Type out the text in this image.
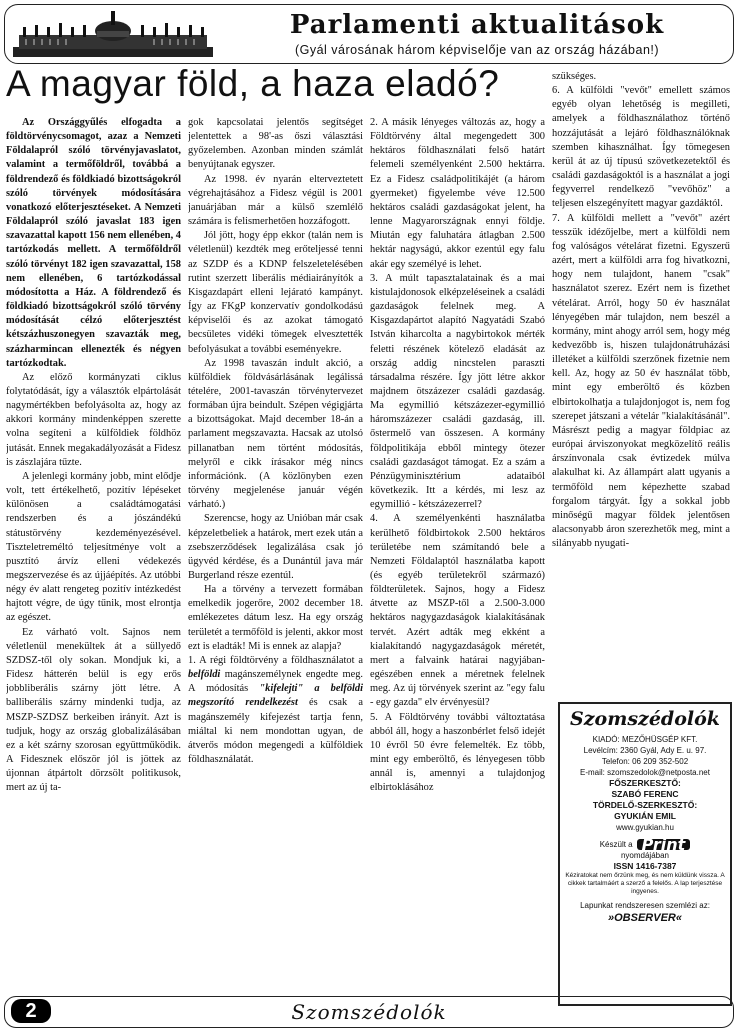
Parlamenti aktualitások
(Gyál városának három képviselője van az ország házában!)
A magyar föld, a haza eladó?

Az Országgyűlés elfogadta a földtörvénycsomagot, azaz a Nemzeti Földalapról szóló törvényjavaslatot, valamint a termőföldről, továbbá a földrendező és földkiadó bizottságokról szóló törvények módosítására vonatkozó előterjesztéseket. A Nemzeti Földalapról szóló javaslat 183 igen szavazattal kapott 156 nem ellenében, 4 tartózkodás mellett. A termőföldről szóló törvényt 182 igen szavazattal, 158 nem ellenében, 6 tartózkodással módosította a Ház. A földrendező és földkiadó bizottságokról szóló törvény módosítását célzó előterjesztést kétszázhuszonegyen szavazták meg, százharmincan ellenezték és négyen tartózkodtak.

Az előző kormányzati ciklus folytatódását, így a választók elpártolását nagymértékben befolyásolta az, hogy az akkori kormány mindenképpen szerette volna segíteni a külföldiek földhöz jutását. Ennek megakadályozását a Fidesz is zászlajára tűzte.

A jelenlegi kormány jobb, mint elődje volt, tett értékelhető, pozitív lépéseket különösen a családtámogatási rendszerben és a jószándékú státustörvény kezdeményezésével. Tiszteletreméltó teljesítménye volt a pusztító árvíz elleni védekezés megszervezése és az újjáépítés. Az utóbbi négy év alatt rengeteg pozitív intézkedést hajtott végre, de úgy tűnik, most elrontja az egészet.

Ez várható volt. Sajnos nem véletlenül menekültek át a süllyedő SZDSZ-től oly sokan. Mondjuk ki, a Fidesz hátterén belül is egy erős jobbliberális szárny jött létre. A balliberális szárny mindenki tudja, az MSZP-SZDSZ berkeiben irányít. Azt is tudjuk, hogy az ország globalizálásában ez a két szárny szorosan együttműködik. A Fidesznek először jól is jöttek az újonnan átpártolt dörzsölt politikusok, mert az új ta-

gok kapcsolatai jelentős segítséget jelentettek a 98'-as őszi választási győzelemben. Azonban minden számlát benyújtanak egyszer.

Az 1998. év nyarán elterveztetett végrehajtásához a Fidesz végül is 2001 januárjában már a külső szemlélő számára is felismerhetően hozzáfogott.

Jól jött, hogy épp ekkor (talán nem is véletlenül) kezdték meg erőteljessé tenni az SZDP és a KDNP felszeletelésében rutint szerzett liberális médiairányítók a Kisgazdapárt elleni lejárató kampányt. Így az FKgP konzervatív gondolkodású képviselői és az azokat támogató becsületes vidéki tömegek elvesztették befolyásukat a további eseményekre.

Az 1998 tavaszán indult akció, a külföldiek földvásárlásának legálissá tételére, 2001-tavaszán törvénytervezet formában újra beindult. Szépen végigjárta a bizottságokat. Majd december 18-án a parlament megszavazta. Hacsak az utolsó pillanatban nem történt módosítás, melyről e cikk írásakor még nincs információnk. (A közlönyben ezen törvény megjelenése január végén várható.)

Szerencse, hogy az Unióban már csak képzeletbeliek a határok, mert ezek után a zsebszerződések legalizálása csak jó ügyvéd kérdése, és a Dunántúl java már Burgerland része ezentúl.

Ha a törvény a tervezett formában emelkedik jogerőre, 2002 december 18. emlékezetes dátum lesz. Ha egy ország területét a termőföld is jelenti, akkor most ezt is eladták! Mi is ennek az alapja?

1. A régi földtörvény a földhasználatot a belföldi magánszemélynek engedte meg. A módosítás "kifelejti" a belföldi megszorító rendelkezést és csak a magánszemély kifejezést tartja fenn, miáltal ki nem mondottan ugyan, de átverős módon megengedi a külföldiek földhasználatát.

2. A másik lényeges változás az, hogy a Földtörvény által megengedett 300 hektáros földhasználati felső határt felemeli személyenként 2.500 hektárra. Ez a Fidesz családpolitikájét (a három gyermeket) figyelembe véve 12.500 hektáros családi gazdaságokat jelent, ha lenne Magyarországnak ennyi földje. Miután egy faluhatára átlagban 2.500 hektár nagyságú, akkor ezentúl egy falu akár egy személyé is lehet.

3. A múlt tapasztalatainak és a mai kistulajdonosok elképzeléseinek a családi gazdaságok felelnek meg. A Kisgazdapártot alapító Nagyatádi Szabó István kiharcolta a nagybirtokok mérték feletti részének kötelező eladását az ország addig nincstelen paraszti társadalma részére. Így jött létre akkor majdnem ötszázezer családi gazdaság. Ma egymillió kétszázezer-egymillió háromszázezer családi gazdaság, ill. őstermelő van összesen. A kormány földpolitikája ebből mintegy ötezer családi gazdaságot támogat. Ez a szám a Pénzügyminisztérium adataiból következik. Itt a kérdés, mi lesz az egymillió - kétszázezerrel?

4. A személyenkénti használatba kerülhető földbirtokok 2.500 hektáros területébe nem számítandó bele a Nemzeti Földalaptól használatba kapott (és egyéb területekről származó) földterületek. Sajnos, hogy a Fidesz átvette az MSZP-től a 2.500-3.000 hektáros nagygazdaságok kialakításának tervét. Azért adták meg ekként a kialakítandó nagygazdaságok méretét, mert a falvaink határai nagyjában-egészében ennek a méretnek felelnek meg. Az új törvények szerint az "egy falu - egy gazda" elv érvényesül?

5. A Földtörvény további változtatása abból áll, hogy a haszonbérlet felső idejét 10 évről 50 évre felemelték. Ez több, mint egy emberöltő, és lényegesen több annál is, amennyi a tulajdonjog elbirtoklásához

szükséges.

6. A külföldi "vevőt" emellett számos egyéb olyan lehetőség is megilleti, amelyek a földhasználathoz történő hozzájutását a lejáró földhasználóknak szemben kihasználhat. Így tömegesen kerül át az új típusú szövetkezetektől és családi gazdaságoktól is a használat a jogi fegyverrel rendelkező "vevőhöz" a teljesen elszegényített magyar gazdáktól.

7. A külföldi mellett a "vevőt" azért tesszük idézőjelbe, mert a külföldi nem fog valóságos vételárat fizetni. Egyszerű azért, mert a külföldi arra fog hivatkozni, hogy nem tulajdont, hanem "csak" használatot szerez. Ezért nem is fizethet vételárat. Arról, hogy 50 év használat lényegében már tulajdon, nem beszél a kormány, mint ahogy arról sem, hogy még kedvezőbb is, hiszen tulajdonátruházási illetéket a külföldi szerzőnek fizetnie nem kell. Az, hogy az 50 év használat több, mint egy emberöltő és közben elbirtokolhatja a tulajdonjogot is, nem fog szerepet játszani a vételár "kialakításánál". Másrészt pedig a magyar földpiac az európai árviszonyokat megközelítő reális árszínvonala csak évtizedek múlva alakulhat ki. Az állampárt alatt ugyanis a termőföld nem képezhette szabad forgalom tárgyát. Így a sokkal jobb minőségű magyar földek jelentősen alacsonyabb áron szerezhetők meg, mint a silányabb nyugati-

Szomszédolók
KIADÓ: MEZŐHÜSGÉP KFT.
Levélcím: 2360 Gyál, Ady E. u. 97.
Telefon: 06 209 352-502
E-mail: szomszedolok@netposta.net
FŐSZERKESZTŐ:
SZABÓ FERENC
TÖRDELŐ-SZERKESZTŐ:
GYUKIÁN EMIL
www.gyukian.hu
Készült a Print
nyomdájában
ISSN 1416-7387
Kéziratokat nem őrzünk meg, és nem küldünk vissza. A cikkek tartalmáért a szerző a felelős. A lap terjesztése ingyenes.
Lapunkat rendszeresen szemlézi az:
»OBSERVER«
Szomszédolók
2
